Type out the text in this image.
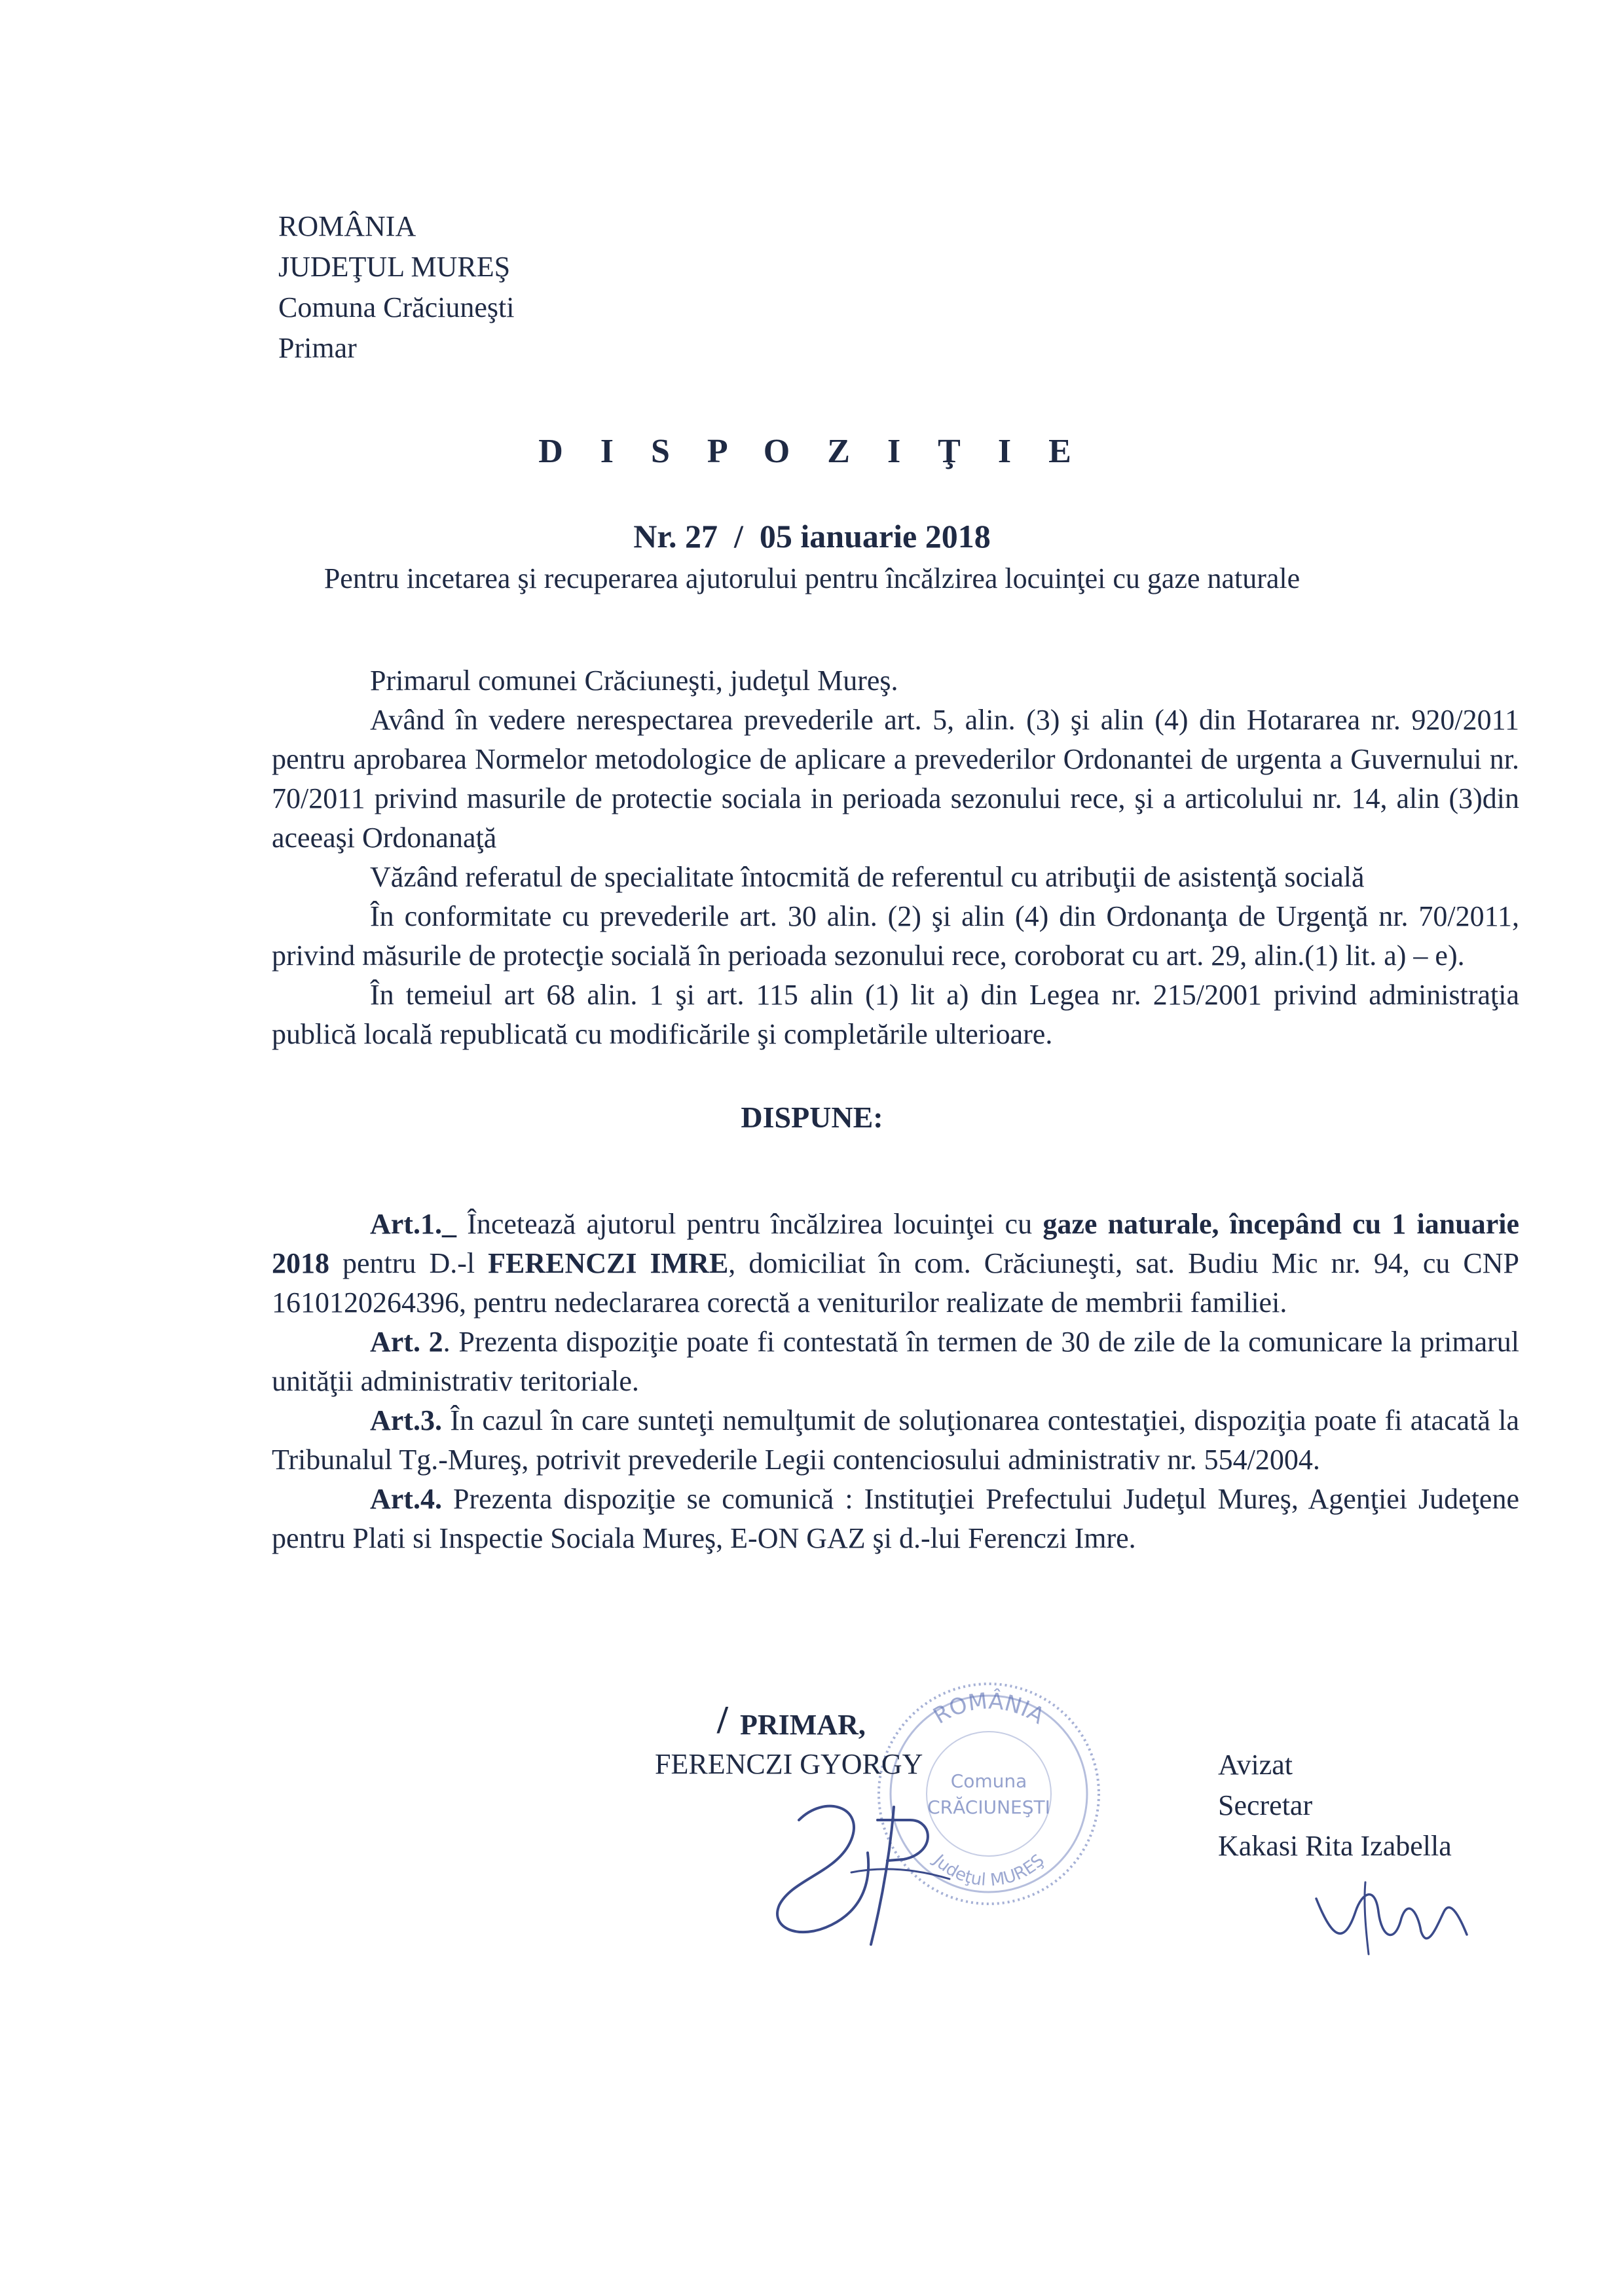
ROMÂNIA
JUDEŢUL MUREŞ
Comuna Crăciuneşti
Primar
D I S P O Z I Ţ I E
Nr. 27  /  05 ianuarie 2018
Pentru incetarea şi recuperarea ajutorului pentru încălzirea locuinţei cu gaze naturale

Primarul comunei Crăciuneşti, judeţul Mureş.

Având în vedere nerespectarea prevederile art. 5, alin. (3) şi alin (4) din Hotararea nr. 920/2011 pentru aprobarea Normelor metodologice de aplicare a prevederilor Ordonantei de urgenta a Guvernului nr. 70/2011 privind masurile de protectie sociala in perioada sezonului rece, şi a articolului nr. 14, alin (3)din aceeaşi Ordonanaţă

Văzând referatul de specialitate întocmită de referentul cu atribuţii de asistenţă socială

În conformitate cu prevederile art. 30 alin. (2) şi alin (4) din Ordonanţa de Urgenţă nr. 70/2011, privind măsurile de protecţie socială în perioada sezonului rece, coroborat cu art. 29, alin.(1) lit. a) – e).

În temeiul art 68 alin. 1 şi art. 115 alin (1) lit a) din Legea nr. 215/2001 privind administraţia publică locală republicată cu modificările şi completările ulterioare.

DISPUNE:

Art.1._ Încetează ajutorul pentru încălzirea locuinţei cu gaze naturale, începând cu 1 ianuarie 2018 pentru D.-l FERENCZI IMRE, domiciliat în com. Crăciuneşti, sat. Budiu Mic nr. 94, cu CNP 1610120264396, pentru nedeclararea corectă a veniturilor realizate de membrii familiei.

Art. 2. Prezenta dispoziţie poate fi contestată în termen de 30 de zile de la comunicare la primarul unităţii administrativ teritoriale.

Art.3. În cazul în care sunteţi nemulţumit de soluţionarea contestaţiei, dispoziţia poate fi atacată la Tribunalul Tg.-Mureş, potrivit prevederile Legii contenciosului administrativ nr. 554/2004.

Art.4. Prezenta dispoziţie se comunică : Instituţiei Prefectului Judeţul Mureş, Agenţiei Judeţene pentru Plati si Inspectie Sociala Mureş, E-ON GAZ şi d.-lui Ferenczi Imre.

ROMÂNIA
Judeţul MUREŞ
Comuna
CRĂCIUNEŞTI
/ PRIMAR,
FERENCZI GYORGY	Avizat
Secretar
Kakasi Rita Izabella
